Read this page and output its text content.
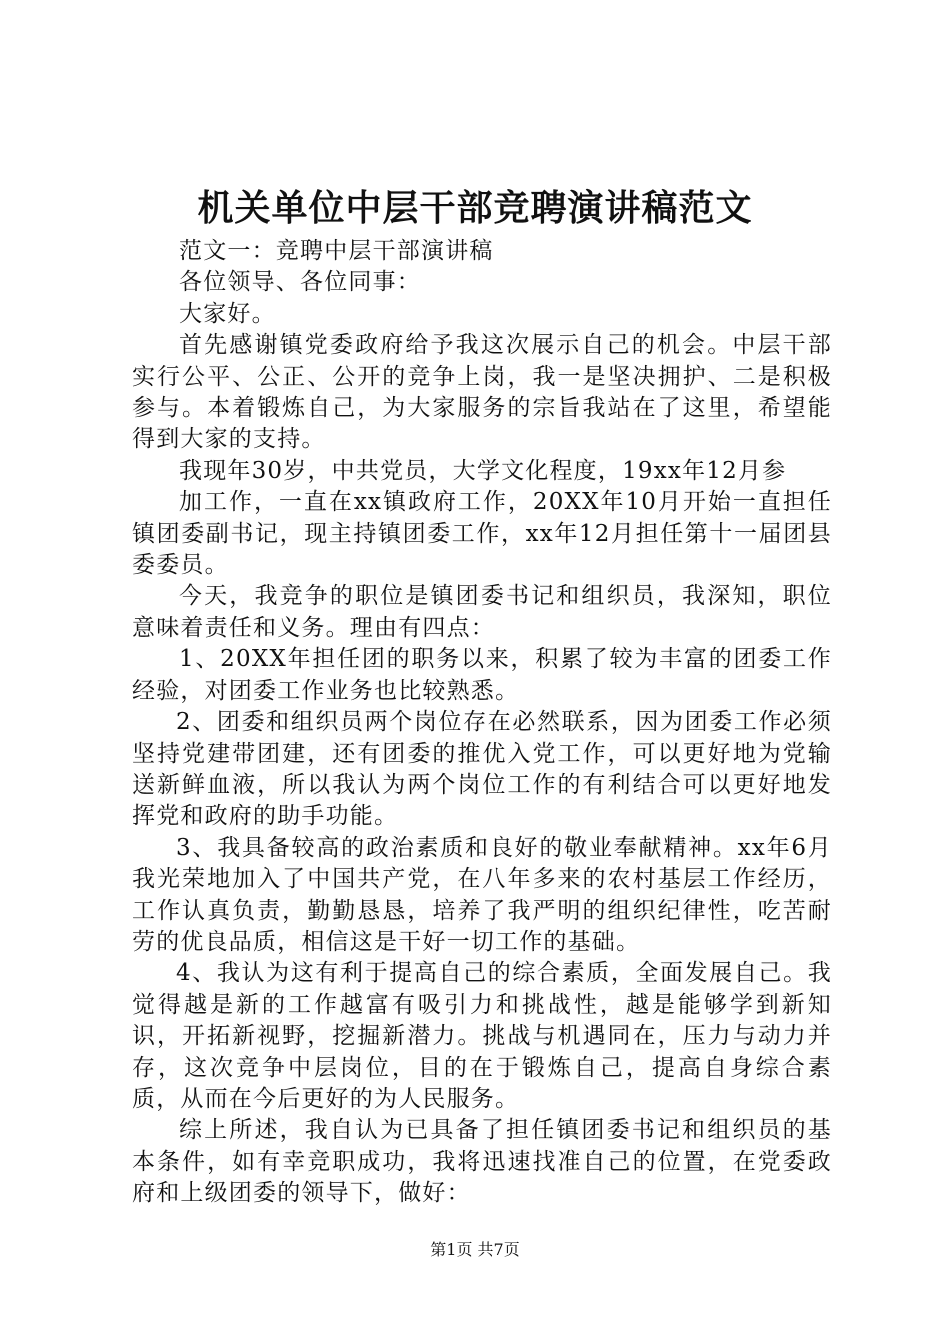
机关单位中层干部竞聘演讲稿范文

范文一：竞聘中层干部演讲稿

各位领导、各位同事：

大家好。

首先感谢镇党委政府给予我这次展示自己的机会。中层干部实行公平、公正、公开的竞争上岗，我一是坚决拥护、二是积极参与。本着锻炼自己，为大家服务的宗旨我站在了这里，希望能得到大家的支持。

我现年30岁，中共党员，大学文化程度，19xx年12月参

加工作，一直在xx镇政府工作，20XX年10月开始一直担任镇团委副书记，现主持镇团委工作，xx年12月担任第十一届团县委委员。

今天，我竞争的职位是镇团委书记和组织员，我深知，职位意味着责任和义务。理由有四点：

1、20XX年担任团的职务以来，积累了较为丰富的团委工作经验，对团委工作业务也比较熟悉。

2、团委和组织员两个岗位存在必然联系，因为团委工作必须坚持党建带团建，还有团委的推优入党工作，可以更好地为党输送新鲜血液，所以我认为两个岗位工作的有利结合可以更好地发挥党和政府的助手功能。

3、我具备较高的政治素质和良好的敬业奉献精神。xx年6月我光荣地加入了中国共产党，在八年多来的农村基层工作经历，工作认真负责，勤勤恳恳，培养了我严明的组织纪律性，吃苦耐劳的优良品质，相信这是干好一切工作的基础。

4、我认为这有利于提高自己的综合素质，全面发展自己。我觉得越是新的工作越富有吸引力和挑战性，越是能够学到新知识，开拓新视野，挖掘新潜力。挑战与机遇同在，压力与动力并存，这次竞争中层岗位，目的在于锻炼自己，提高自身综合素质，从而在今后更好的为人民服务。

综上所述，我自认为已具备了担任镇团委书记和组织员的基本条件，如有幸竞职成功，我将迅速找准自己的位置，在党委政府和上级团委的领导下，做好：

第1页 共7页
